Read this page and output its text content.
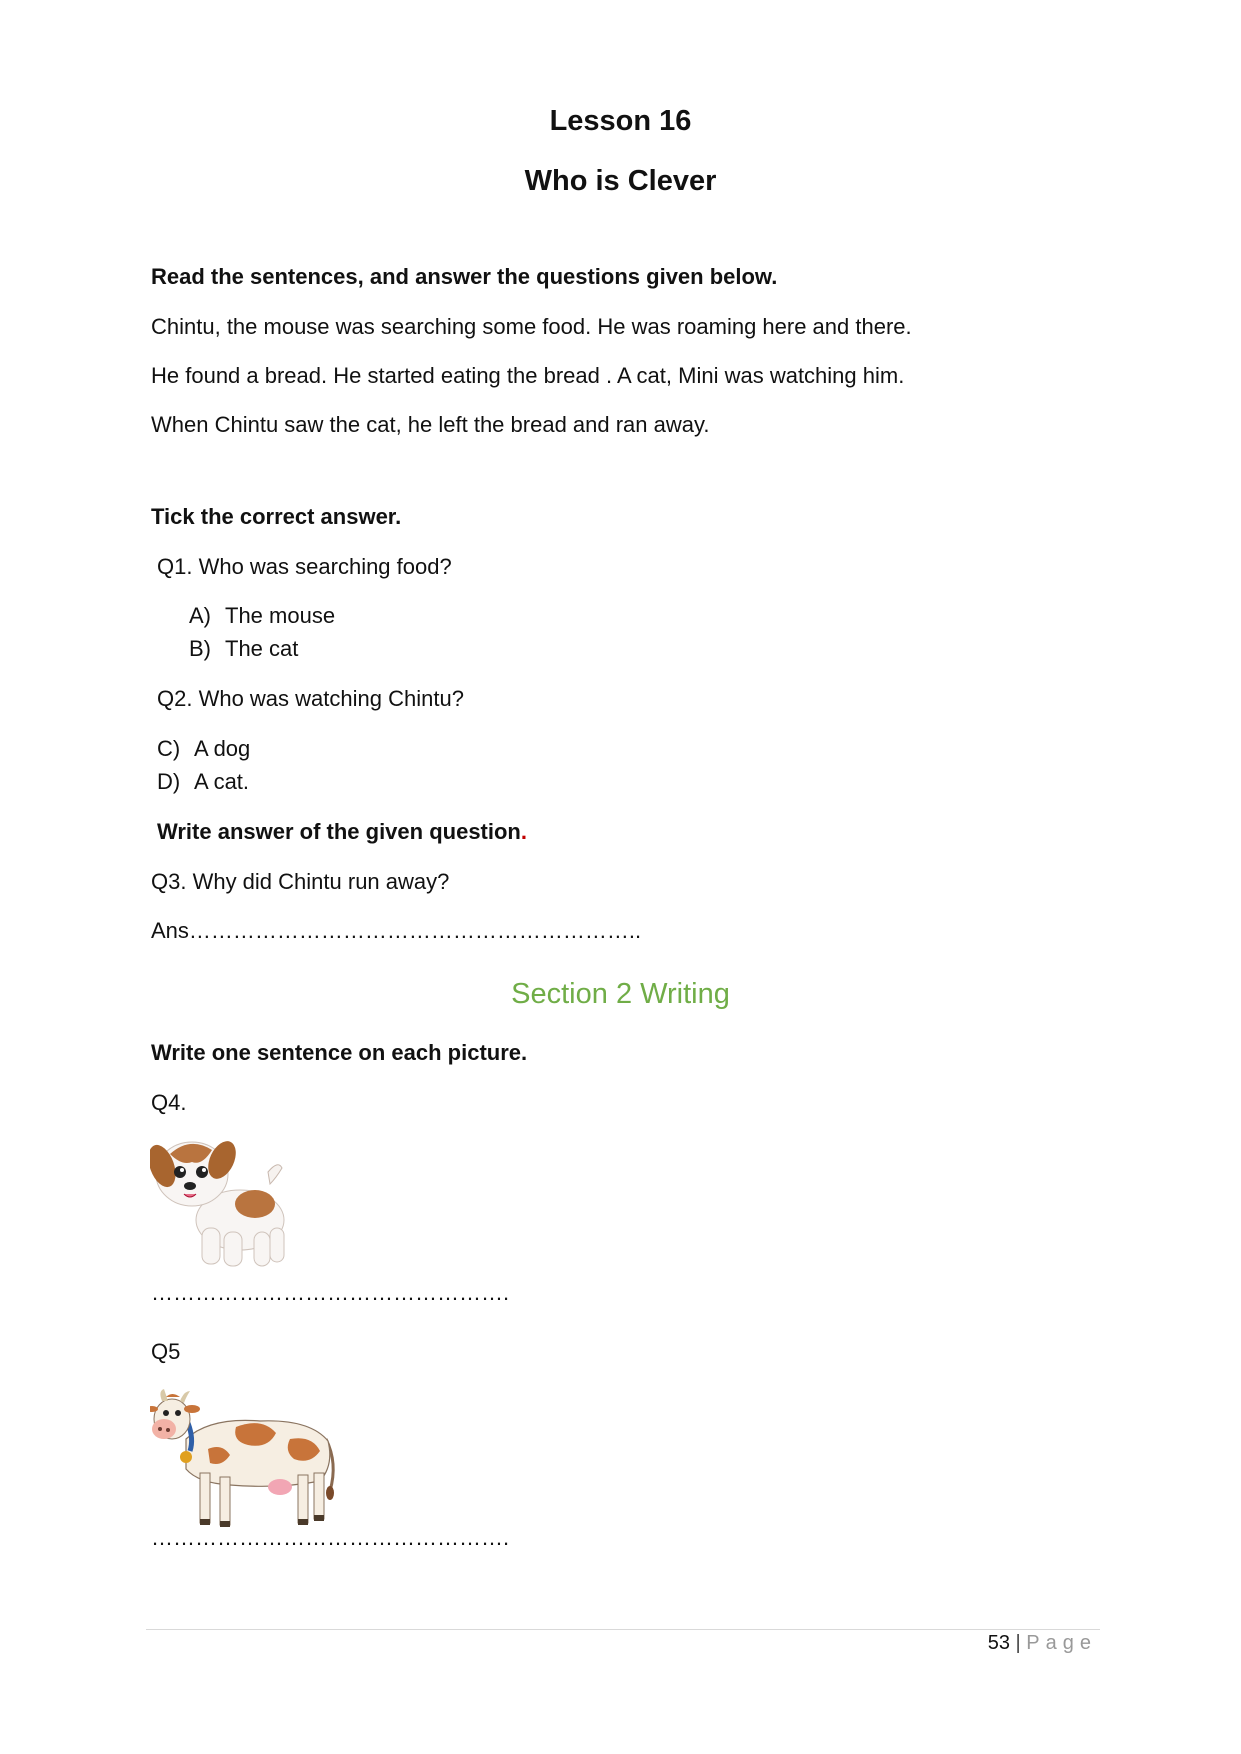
Lesson 16
Who is Clever

Read the sentences, and answer the questions given below.

Chintu, the mouse was searching some food. He was roaming here and there.

He found a bread. He started eating the bread . A cat, Mini was watching him.

When Chintu saw the cat, he left the bread and ran away.

Tick the correct answer.

Q1. Who was searching food?

A) The mouse
B) The cat

Q2. Who was watching Chintu?

C) A dog
D) A cat.

Write answer of the given question.

Q3. Why did Chintu run away?

Ans……………………………………………………..

Section 2 Writing

Write one sentence on each picture.

Q4.

………………………………………….

Q5

………………………………………….

53 | Page
